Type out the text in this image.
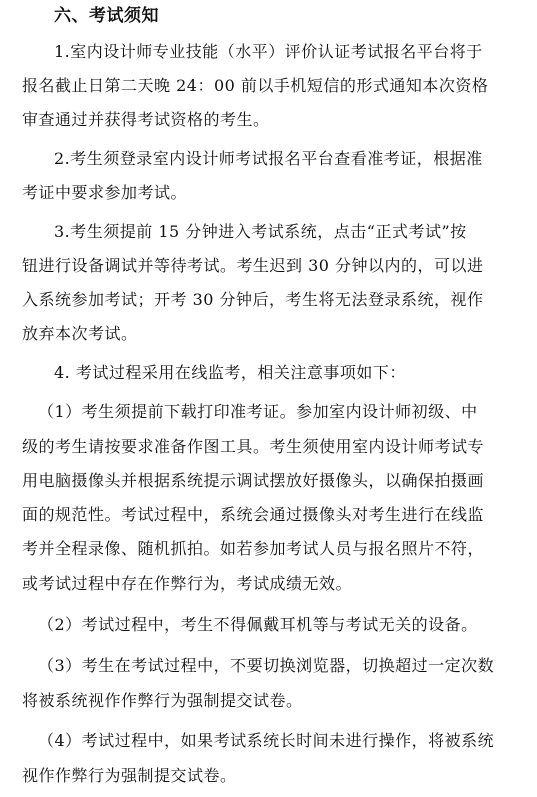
六、考试须知
1.室内设计师专业技能（水平）评价认证考试报名平台将于
报名截止日第二天晚 24：00 前以手机短信的形式通知本次资格
审查通过并获得考试资格的考生。
2.考生须登录室内设计师考试报名平台查看准考证，根据准
考证中要求参加考试。
3.考生须提前 15 分钟进入考试系统，点击“正式考试”按
钮进行设备调试并等待考试。考生迟到 30 分钟以内的，可以进
入系统参加考试；开考 30 分钟后，考生将无法登录系统，视作
放弃本次考试。
4. 考试过程采用在线监考，相关注意事项如下：
（1）考生须提前下载打印准考证。参加室内设计师初级、中
级的考生请按要求准备作图工具。考生须使用室内设计师考试专
用电脑摄像头并根据系统提示调试摆放好摄像头，以确保拍摄画
面的规范性。考试过程中，系统会通过摄像头对考生进行在线监
考并全程录像、随机抓拍。如若参加考试人员与报名照片不符，
或考试过程中存在作弊行为，考试成绩无效。
（2）考试过程中，考生不得佩戴耳机等与考试无关的设备。
（3）考生在考试过程中，不要切换浏览器，切换超过一定次数
将被系统视作作弊行为强制提交试卷。
（4）考试过程中，如果考试系统长时间未进行操作，将被系统
视作作弊行为强制提交试卷。
